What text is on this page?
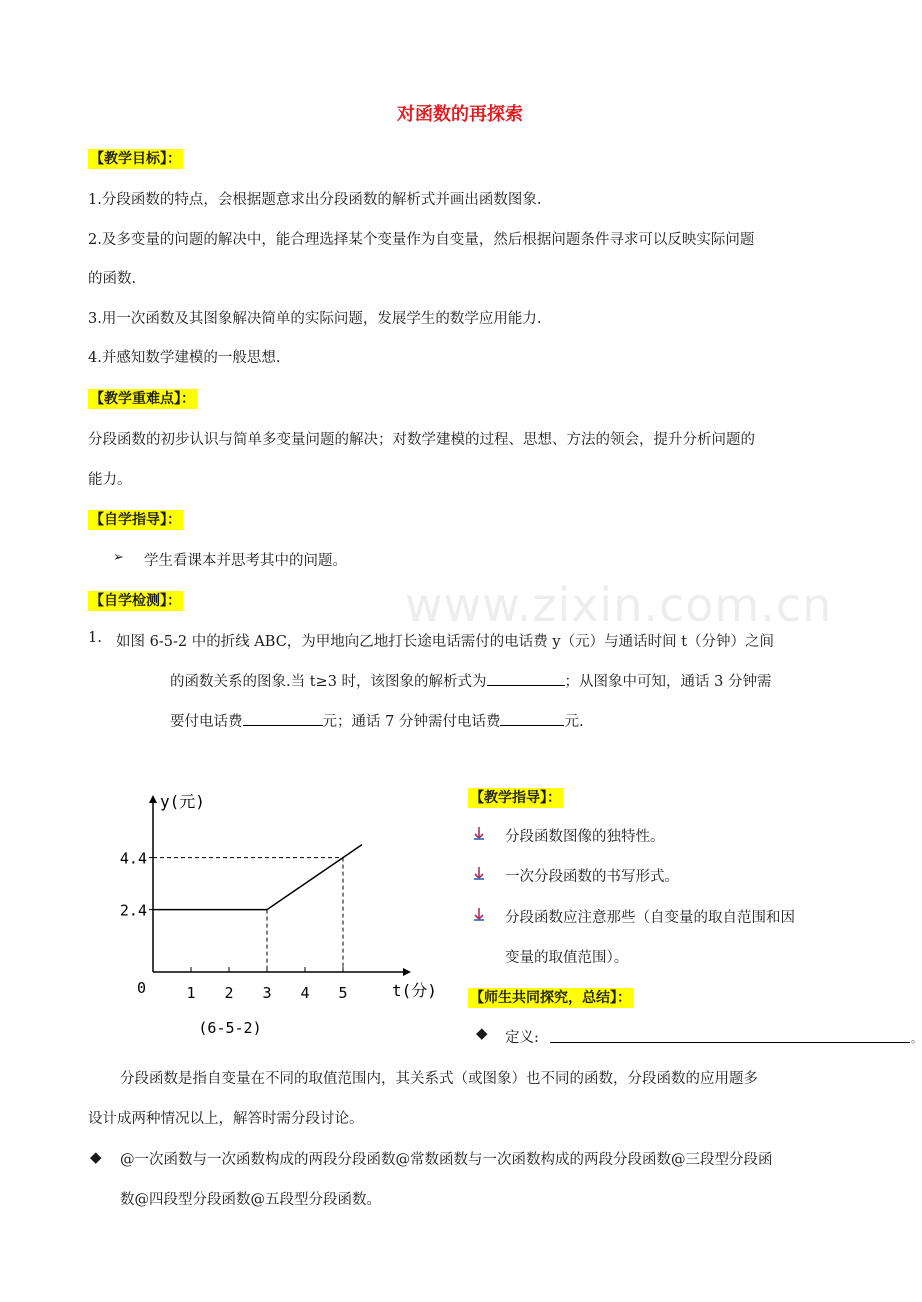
www.zixin.com.cn
对函数的再探索
【教学目标】：
1.分段函数的特点，会根据题意求出分段函数的解析式并画出函数图象.
2.及多变量的问题的解决中，能合理选择某个变量作为自变量，然后根据问题条件寻求可以反映实际问题
的函数.
3.用一次函数及其图象解决简单的实际问题，发展学生的数学应用能力.
4.并感知数学建模的一般思想.
【教学重难点】：
分段函数的初步认识与简单多变量问题的解决；对数学建模的过程、思想、方法的领会，提升分析问题的
能力。
【自学指导】：
➢ 学生看课本并思考其中的问题。
【自学检测】：
1. 如图 6-5-2 中的折线 ABC，为甲地向乙地打长途电话需付的电话费 y（元）与通话时间 t（分钟）之间
的函数关系的图象.当 t≥3 时，该图象的解析式为	；从图象中可知，通话 3 分钟需
要付电话费	元；通话 7 分钟需付电话费	元.
y(元)
t(分)
0	1 2 3 4 5
2.4
4.4
(6-5-2)
【教学指导】：
分段函数图像的独特性。
一次分段函数的书写形式。
分段函数应注意那些（自变量的取自范围和因
变量的取值范围）。
【师生共同探究，总结】：
◆ 定义:	。
分段函数是指自变量在不同的取值范围内，其关系式（或图象）也不同的函数，分段函数的应用题多
设计成两种情况以上，解答时需分段讨论。
◆ @一次函数与一次函数构成的两段分段函数@常数函数与一次函数构成的两段分段函数@三段型分段函
数@四段型分段函数@五段型分段函数。
